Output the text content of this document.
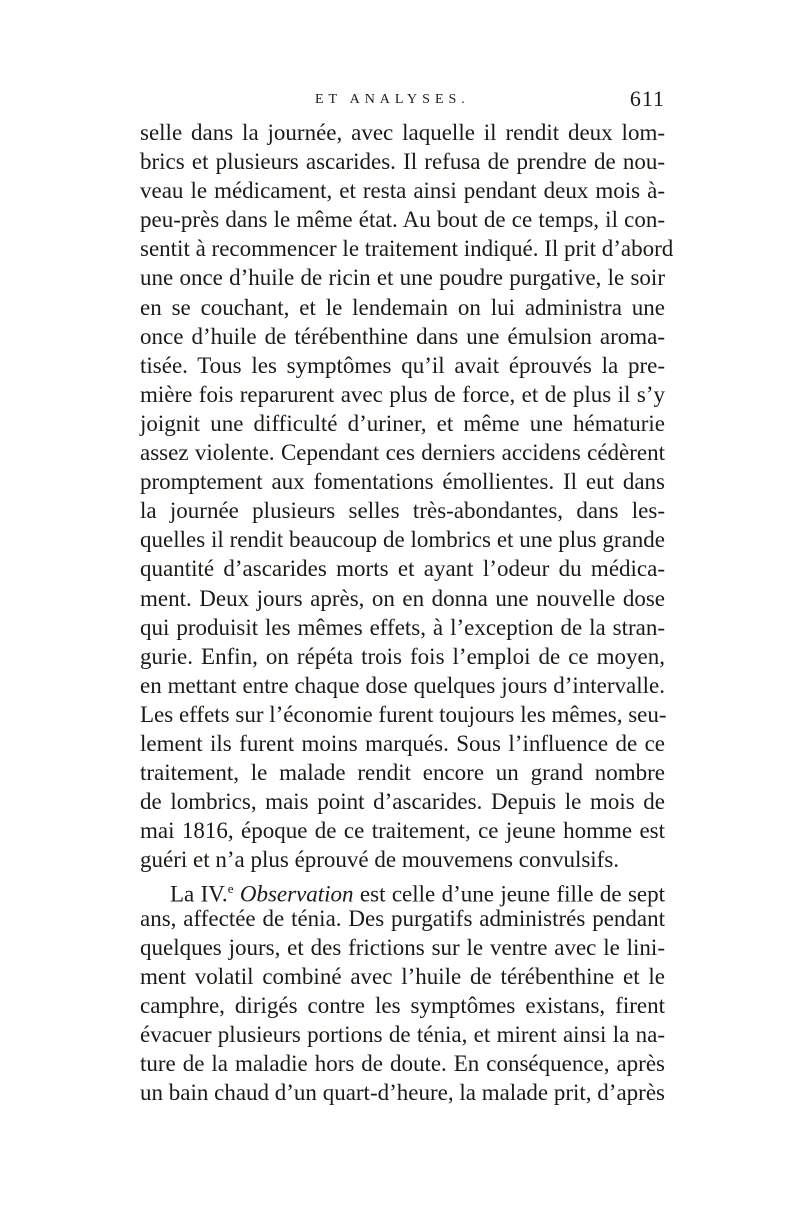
ET ANALYSES.	611
selle dans la journée, avec laquelle il rendit deux lom-
brics et plusieurs ascarides. Il refusa de prendre de nou-
veau le médicament, et resta ainsi pendant deux mois à-
peu-près dans le même état. Au bout de ce temps, il con-
sentit à recommencer le traitement indiqué. Il prit d’abord
une once d’huile de ricin et une poudre purgative, le soir
en se couchant, et le lendemain on lui administra une
once d’huile de térébenthine dans une émulsion aroma-
tisée. Tous les symptômes qu’il avait éprouvés la pre-
mière fois reparurent avec plus de force, et de plus il s’y
joignit une difficulté d’uriner, et même une hématurie
assez violente. Cependant ces derniers accidens cédèrent
promptement aux fomentations émollientes. Il eut dans
la journée plusieurs selles très-abondantes, dans les-
quelles il rendit beaucoup de lombrics et une plus grande
quantité d’ascarides morts et ayant l’odeur du médica-
ment. Deux jours après, on en donna une nouvelle dose
qui produisit les mêmes effets, à l’exception de la stran-
gurie. Enfin, on répéta trois fois l’emploi de ce moyen,
en mettant entre chaque dose quelques jours d’intervalle.
Les effets sur l’économie furent toujours les mêmes, seu-
lement ils furent moins marqués. Sous l’influence de ce
traitement, le malade rendit encore un grand nombre
de lombrics, mais point d’ascarides. Depuis le mois de
mai 1816, époque de ce traitement, ce jeune homme est
guéri et n’a plus éprouvé de mouvemens convulsifs.
La IV.$^e$ Observation est celle d’une jeune fille de sept
ans, affectée de ténia. Des purgatifs administrés pendant
quelques jours, et des frictions sur le ventre avec le lini-
ment volatil combiné avec l’huile de térébenthine et le
camphre, dirigés contre les symptômes existans, firent
évacuer plusieurs portions de ténia, et mirent ainsi la na-
ture de la maladie hors de doute. En conséquence, après
un bain chaud d’un quart-d’heure, la malade prit, d’après
